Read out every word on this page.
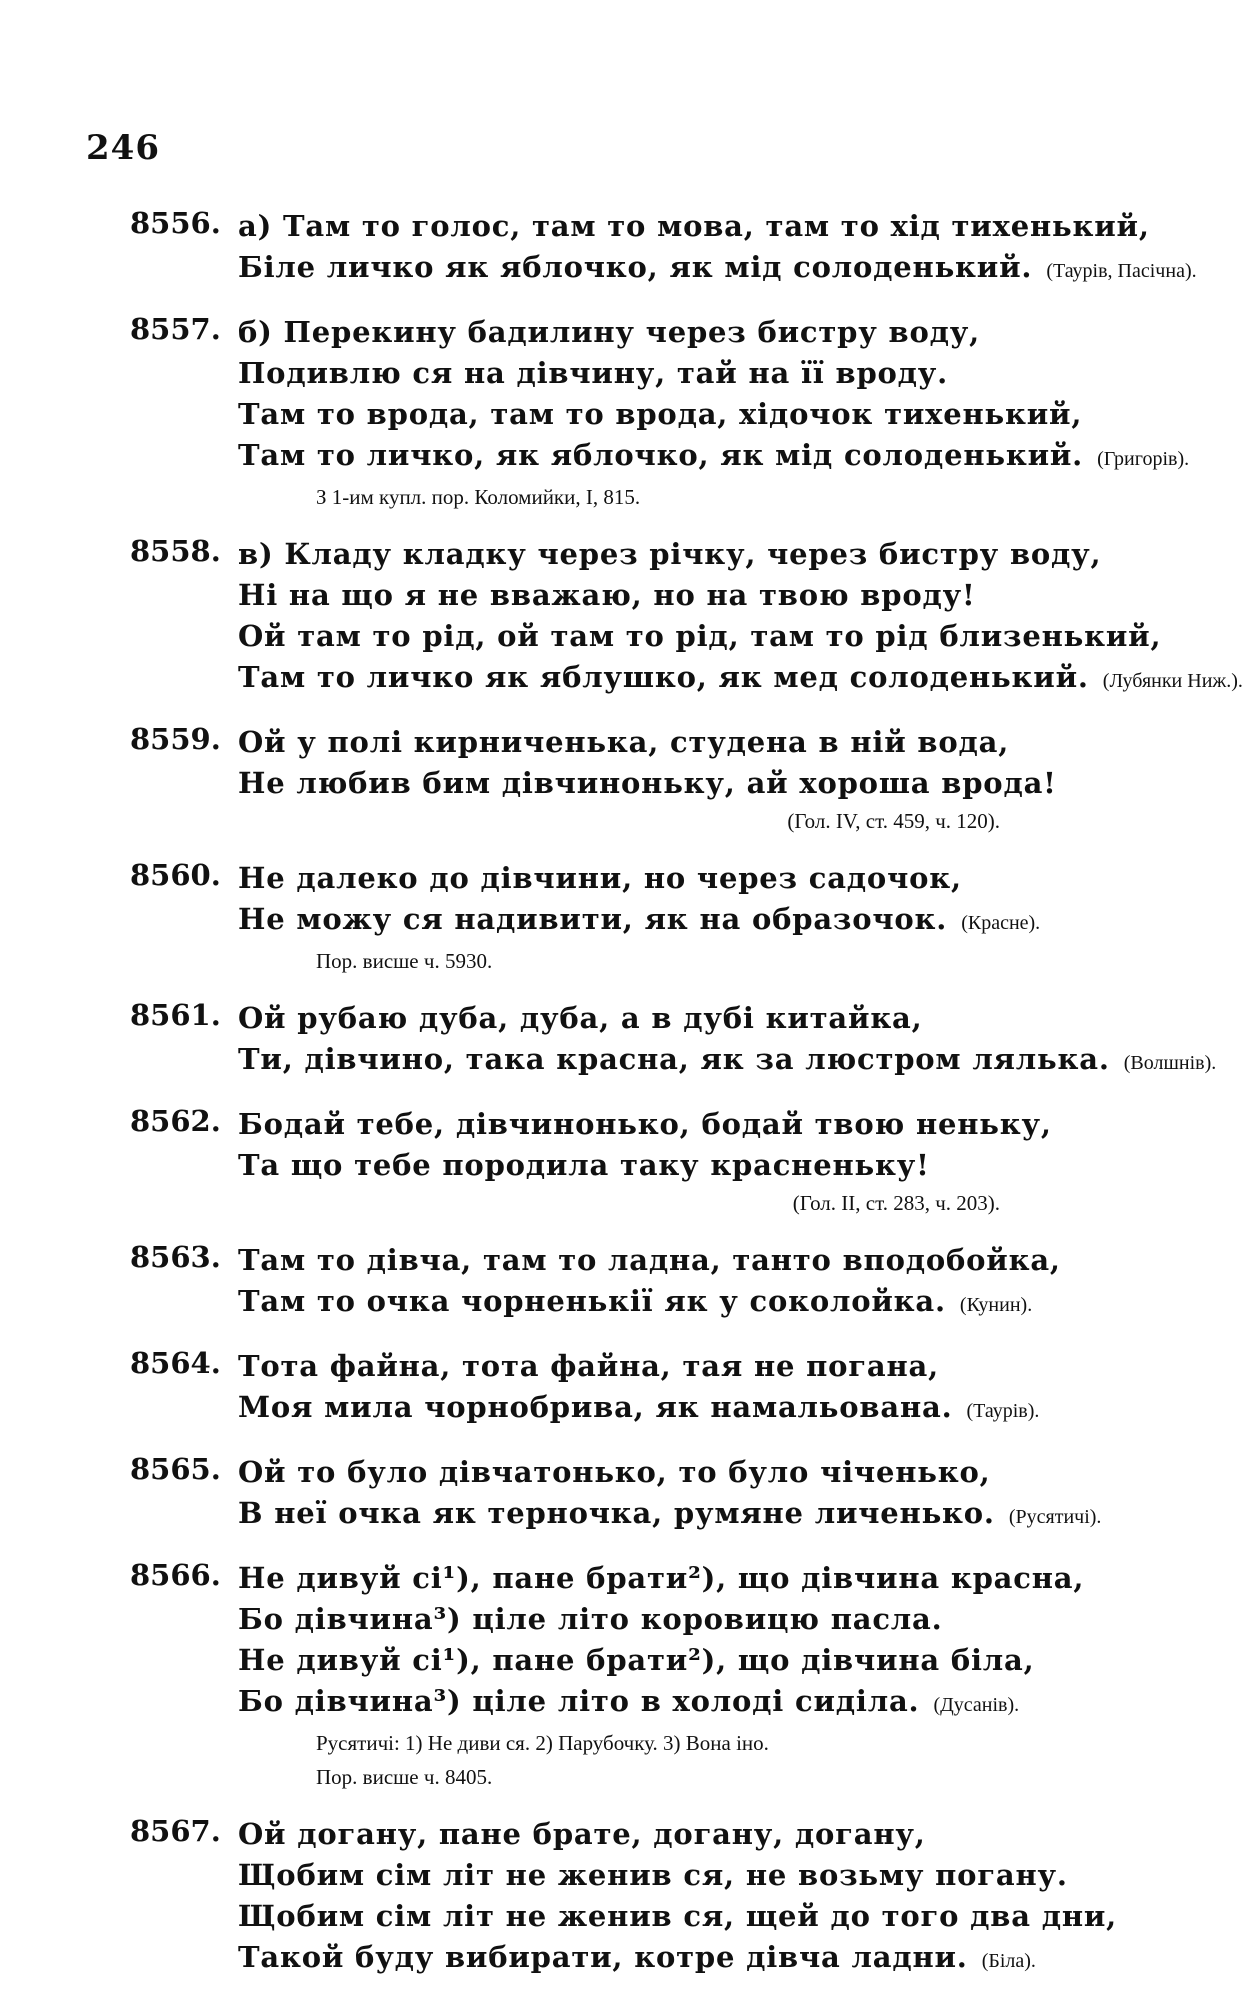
246
8556. а) Там то голос, там то мова, там то хід тихенький,
Біле личко як яблочко, як мід солоденький. (Таурів, Пасічна).
8557. б) Перекину бадилину через бистру воду,
Подивлю ся на дівчину, тай на її вроду.
Там то врода, там то врода, хідочок тихенький,
Там то личко, як яблочко, як мід солоденький. (Григорів).
З 1-им купл. пор. Коломийки, I, 815.
8558. в) Кладу кладку через річку, через бистру воду,
Ні на що я не вважаю, но на твою вроду!
Ой там то рід, ой там то рід, там то рід близенький,
Там то личко як яблушко, як мед солоденький. (Лубянки Ниж.).
8559. Ой у полі кирниченька, студена в ній вода,
Не любив бим дівчиноньку, ай хороша врода!
(Гол. IV, ст. 459, ч. 120).
8560. Не далеко до дівчини, но через садочок,
Не можу ся надивити, як на образочок. (Красне).
Пор. висше ч. 5930.
8561. Ой рубаю дуба, дуба, а в дубі китайка,
Ти, дівчино, така красна, як за люстром лялька. (Волшнів).
8562. Бодай тебе, дівчинонько, бодай твою неньку,
Та що тебе породила таку красненьку!
(Гол. II, ст. 283, ч. 203).
8563. Там то дівча, там то ладна, танто вподобойка,
Там то очка чорненькії як у соколойка. (Кунин).
8564. Тота файна, тота файна, тая не погана,
Моя мила чорнобрива, як намальована. (Таурів).
8565. Ой то було дівчатонько, то було чіченько,
В неї очка як терночка, румяне личенько. (Русятичі).
8566. Не дивуй сі¹), пане брати²), що дівчина красна,
Бо дівчина³) ціле літо коровицю пасла.
Не дивуй сі¹), пане брати²), що дівчина біла,
Бо дівчина³) ціле літо в холоді сиділа. (Дусанів).
Русятичі: 1) Не диви ся. 2) Парубочку. 3) Вона іно.
Пор. висше ч. 8405.
8567. Ой догану, пане брате, догану, догану,
Щобим сім літ не женив ся, не возьму погану.
Щобим сім літ не женив ся, щей до того два дни,
Такой буду вибирати, котре дівча ладни. (Біла).
